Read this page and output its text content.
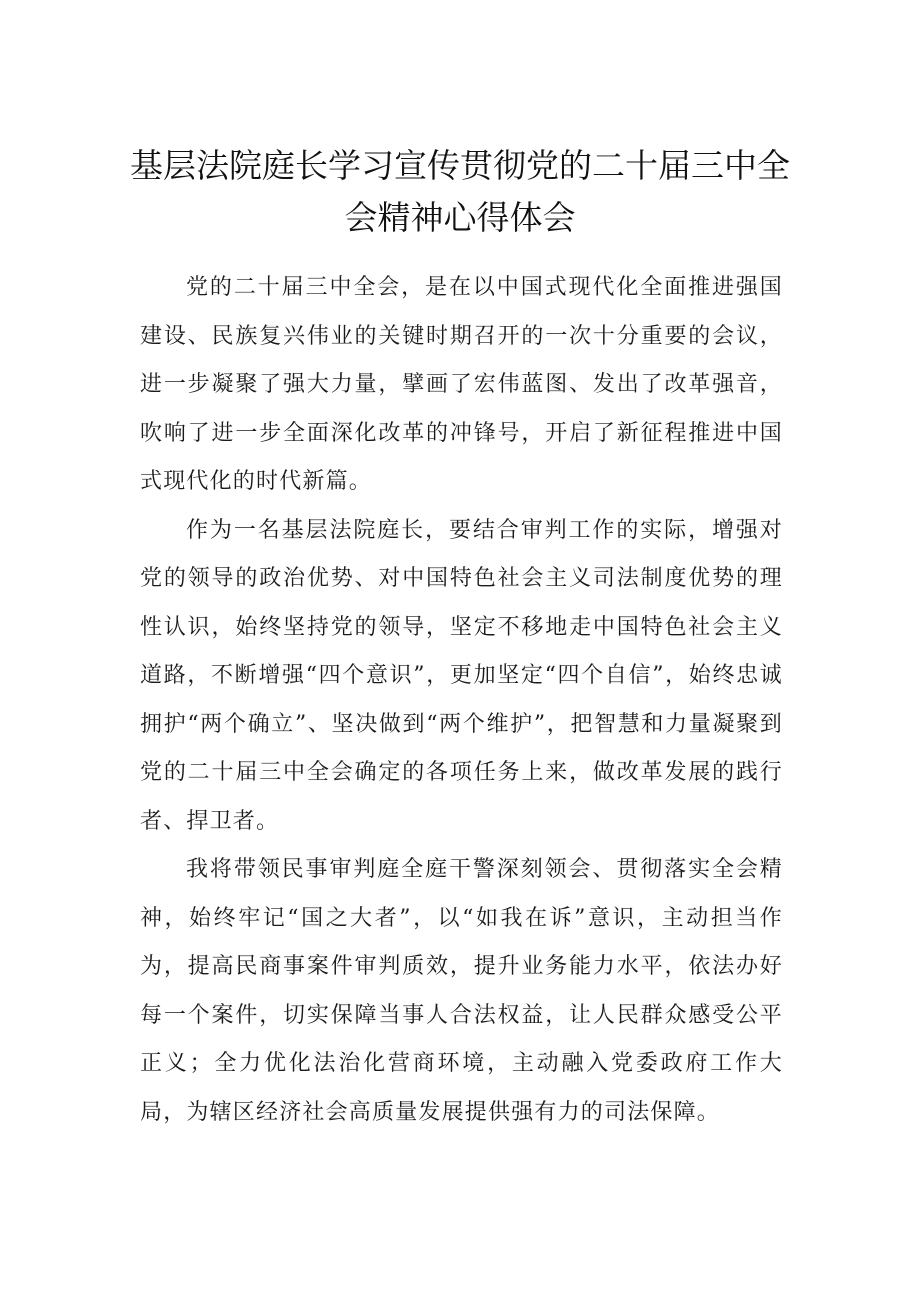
基层法院庭长学习宣传贯彻党的二十届三中全会精神心得体会

党的二十届三中全会，是在以中国式现代化全面推进强国建设、民族复兴伟业的关键时期召开的一次十分重要的会议，进一步凝聚了强大力量，擘画了宏伟蓝图、发出了改革强音，吹响了进一步全面深化改革的冲锋号，开启了新征程推进中国式现代化的时代新篇。

作为一名基层法院庭长，要结合审判工作的实际，增强对党的领导的政治优势、对中国特色社会主义司法制度优势的理性认识，始终坚持党的领导，坚定不移地走中国特色社会主义道路，不断增强“四个意识”，更加坚定“四个自信”，始终忠诚拥护“两个确立”、坚决做到“两个维护”，把智慧和力量凝聚到党的二十届三中全会确定的各项任务上来，做改革发展的践行者、捍卫者。

我将带领民事审判庭全庭干警深刻领会、贯彻落实全会精神，始终牢记“国之大者”，以“如我在诉”意识，主动担当作为，提高民商事案件审判质效，提升业务能力水平，依法办好每一个案件，切实保障当事人合法权益，让人民群众感受公平正义；全力优化法治化营商环境，主动融入党委政府工作大局，为辖区经济社会高质量发展提供强有力的司法保障。
